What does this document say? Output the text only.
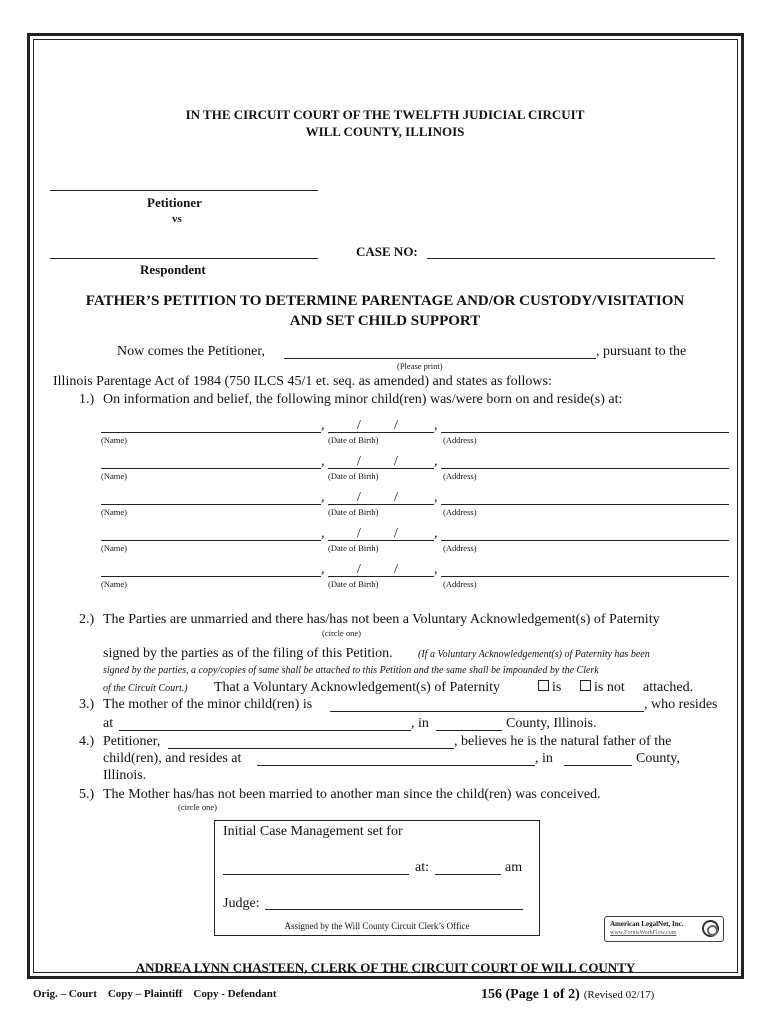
IN THE CIRCUIT COURT OF THE TWELFTH JUDICIAL CIRCUIT
WILL COUNTY, ILLINOIS
Petitioner
vs
Respondent
CASE NO:
FATHER’S PETITION TO DETERMINE PARENTAGE AND/OR CUSTODY/VISITATION
AND SET CHILD SUPPORT
Now comes the Petitioner,	, pursuant to the
(Please print)
Illinois Parentage Act of 1984 (750 ILCS 45/1 et. seq. as amended) and states as follows:
1.) On information and belief, the following minor child(ren) was/were born on and reside(s) at:
, / /	,
(Name)	(Date of Birth)	(Address)
, / /	,
(Name)	(Date of Birth)	(Address)
, / /	,
(Name)	(Date of Birth)	(Address)
, / /	,
(Name)	(Date of Birth)	(Address)
, / /	,
(Name)	(Date of Birth)	(Address)
2.) The Parties are unmarried and there has/has not been a Voluntary Acknowledgement(s) of Paternity
(circle one)
signed by the parties as of the filing of this Petition.	(If a Voluntary Acknowledgement(s) of Paternity has been
signed by the parties, a copy/copies of same shall be attached to this Petition and the same shall be impounded by the Clerk
of the Circuit Court.) That a Voluntary Acknowledgement(s) of Paternity	is	is not attached.
3.) The mother of the minor child(ren) is	, who resides
at	, in	County, Illinois.
4.) Petitioner,	, believes he is the natural father of the
child(ren), and resides at	, in	County,
Illinois.
5.) The Mother has/has not been married to another man since the child(ren) was conceived.
(circle one)
Initial Case Management set for
at:	am
Judge:
Assigned by the Will County Circuit Clerk’s Office	American LegalNet, Inc.
www.FormsWorkFlow.com
ANDREA LYNN CHASTEEN, CLERK OF THE CIRCUIT COURT OF WILL COUNTY
Orig. – Court    Copy – Plaintiff    Copy - Defendant	156 (Page 1 of 2) (Revised 02/17)
